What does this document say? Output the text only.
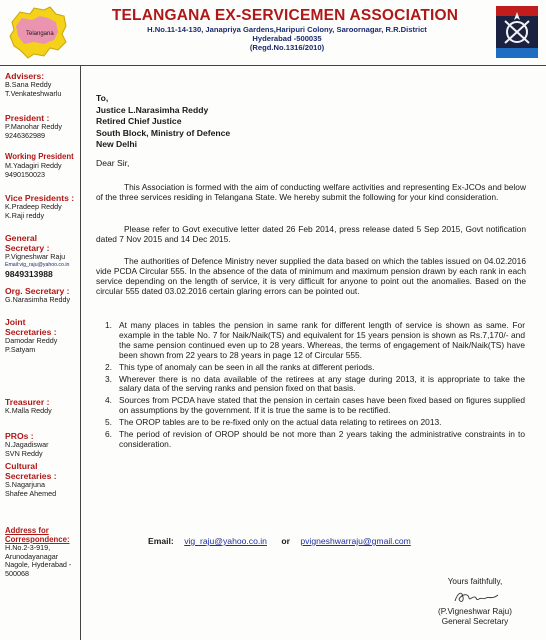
Telangana
TELANGANA EX-SERVICEMEN ASSOCIATION
H.No.11-14-130, Janapriya Gardens,Haripuri Colony, Saroornagar, R.R.District
Hyderabad -500035
(Regd.No.1316/2010)
Advisers:
B.Sana Reddy
T.Venkateshwarlu
President :
P.Manohar Reddy
9246362989
Working President
M.Yadagiri Reddy
9490150023
Vice Presidents :
K.Pradeep Reddy
K.Raji reddy
General
Secretary :
P.Vigneshwar Raju
Email:vig_raju@yahoo.co.in
9849313988
Org. Secretary :
G.Narasimha Reddy
Joint
Secretaries :
Damodar Reddy
P.Satyam
Treasurer :
K.Malla Reddy
PROs :
N.Jagadiswar
SVN Reddy
Cultural
Secretaries :
S.Nagarjuna
Shafee Ahemed
Address for
Correspondence:
H.No.2-3-919,
Arunodayanagar
Nagole, Hyderabad -
500068
To,
Justice L.Narasimha Reddy
Retired Chief Justice
South Block, Ministry of Defence
New Delhi
Dear Sir,
This Association is formed with the aim of conducting welfare activities and representing Ex-JCOs and below of the three services residing in Telangana State. We hereby submit the following for your kind consideration.
Please refer to Govt executive letter dated 26 Feb 2014, press release dated 5 Sep 2015, Govt notification dated 7 Nov 2015 and 14 Dec 2015.
The authorities of Defence Ministry never supplied the data based on which the tables issued on 04.02.2016 vide PCDA Circular 555. In the absence of the data of minimum and maximum pension drawn by each rank in each service depending on the length of service, it is very difficult for anyone to point out the anomalies. Based on the circular 555 dated 03.02.2016 certain glaring errors can be pointed out.
1. At many places in tables the pension in same rank for different length of service is shown as same. For example in the table No. 7 for Naik/Naik(TS) and equivalent for 15 years pension is shown as Rs.7,170/- and the same pension continued even up to 28 years. Whereas, the terms of engagement of Naik/Naik(TS) have been shown from 22 years to 28 years in page 12 of Circular 555.
2. This type of anomaly can be seen in all the ranks at different periods.
3. Wherever there is no data available of the retirees at any stage during 2013, it is appropriate to take the salary data of the serving ranks and pension fixed on that basis.
4. Sources from PCDA have stated that the pension in certain cases have been fixed based on figures supplied on assumptions by the government. If it is true the same is to be rectified.
5. The OROP tables are to be re-fixed only on the actual data relating to retirees on 2013.
6. The period of revision of OROP should be not more than 2 years taking the administrative constraints in to consideration.
Email: vig_raju@yahoo.co.in or pvigneshwarraju@gmail.com
Yours faithfully,
(P.Vigneshwar Raju)
General Secretary
